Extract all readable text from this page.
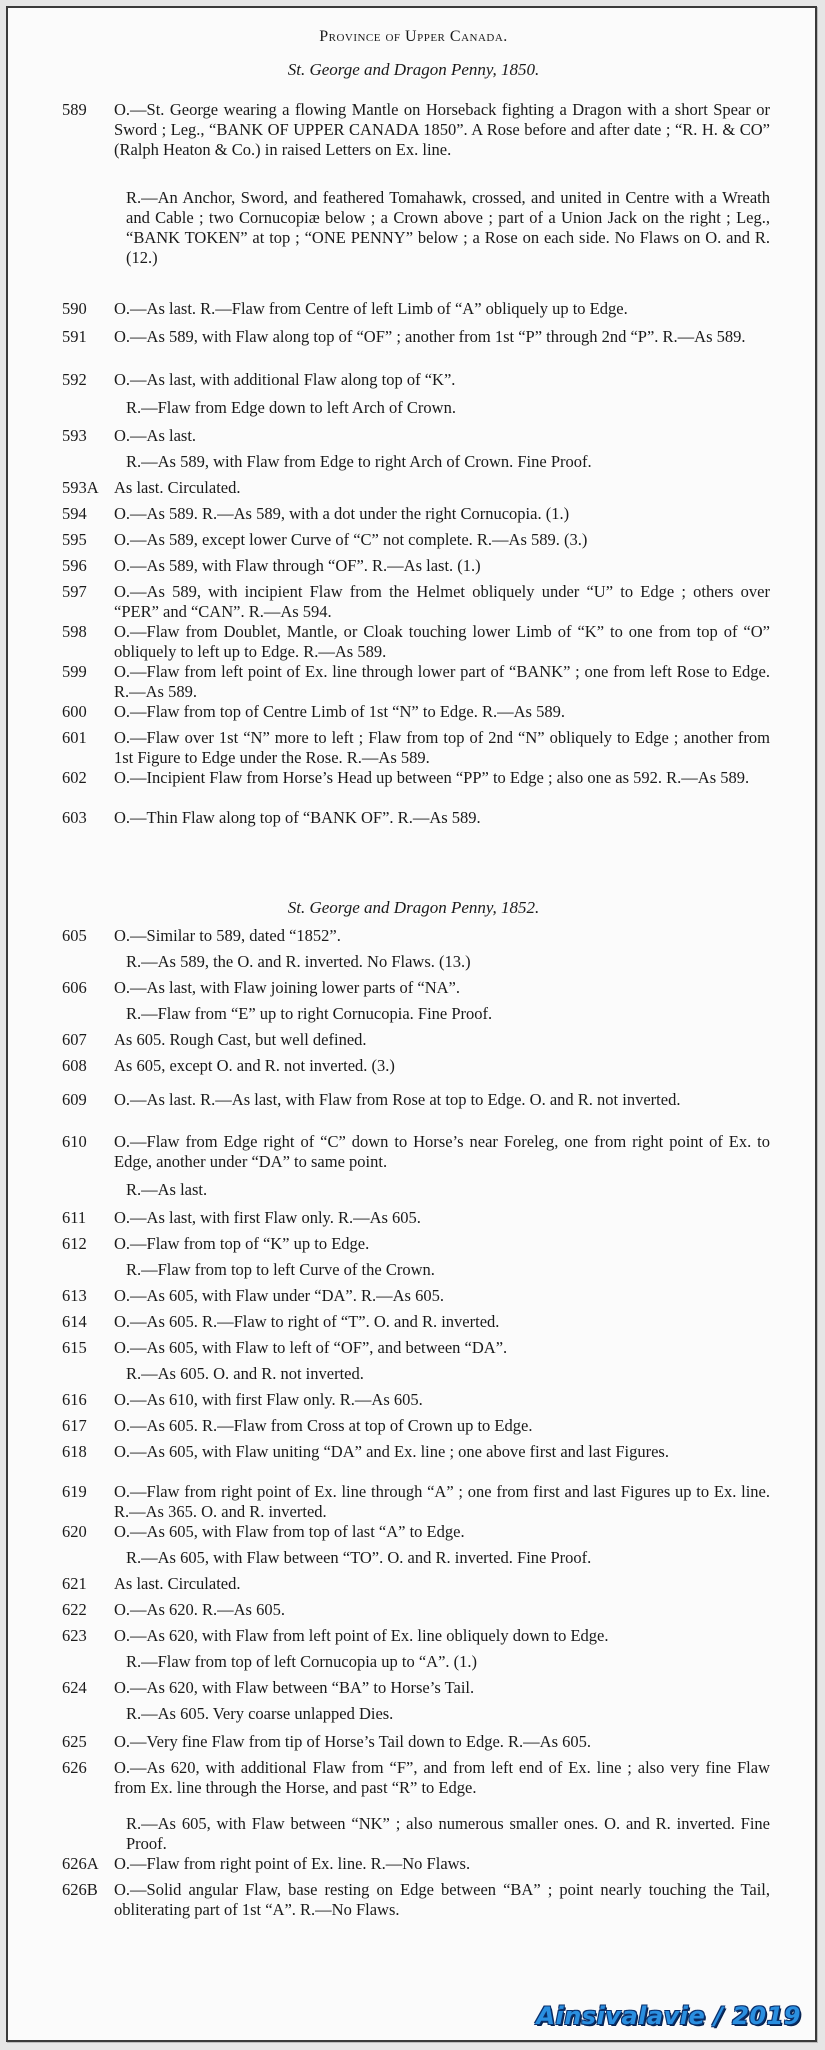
Province of Upper Canada.
St. George and Dragon Penny, 1850.
St. George and Dragon Penny, 1852.
589	O.—St. George wearing a flowing Mantle on Horseback fighting a Dragon with a short Spear or Sword ; Leg., “BANK OF UPPER CANADA 1850”. A Rose before and after date ; “R. H. & CO” (Ralph Heaton & Co.) in raised Letters on Ex. line.
R.—An Anchor, Sword, and feathered Tomahawk, crossed, and united in Centre with a Wreath and Cable ; two Cornucopiæ below ; a Crown above ; part of a Union Jack on the right ; Leg., “BANK TOKEN” at top ; “ONE PENNY” below ; a Rose on each side. No Flaws on O. and R. (12.)
590	O.—As last. R.—Flaw from Centre of left Limb of “A” obliquely up to Edge.
591	O.—As 589, with Flaw along top of “OF” ; another from 1st “P” through 2nd “P”. R.—As 589.
592	O.—As last, with additional Flaw along top of “K”.
R.—Flaw from Edge down to left Arch of Crown.
593	O.—As last.
R.—As 589, with Flaw from Edge to right Arch of Crown. Fine Proof.
593A As last. Circulated.
594	O.—As 589. R.—As 589, with a dot under the right Cornucopia. (1.)
595	O.—As 589, except lower Curve of “C” not complete. R.—As 589. (3.)
596	O.—As 589, with Flaw through “OF”. R.—As last. (1.)
597	O.—As 589, with incipient Flaw from the Helmet obliquely under “U” to Edge ; others over “PER” and “CAN”. R.—As 594.
598	O.—Flaw from Doublet, Mantle, or Cloak touching lower Limb of “K” to one from top of “O” obliquely to left up to Edge. R.—As 589.
599	O.—Flaw from left point of Ex. line through lower part of “BANK” ; one from left Rose to Edge. R.—As 589.
600	O.—Flaw from top of Centre Limb of 1st “N” to Edge. R.—As 589.
601	O.—Flaw over 1st “N” more to left ; Flaw from top of 2nd “N” obliquely to Edge ; another from 1st Figure to Edge under the Rose. R.—As 589.
602	O.—Incipient Flaw from Horse’s Head up between “PP” to Edge ; also one as 592. R.—As 589.
603	O.—Thin Flaw along top of “BANK OF”. R.—As 589.
605	O.—Similar to 589, dated “1852”.
R.—As 589, the O. and R. inverted. No Flaws. (13.)
606	O.—As last, with Flaw joining lower parts of “NA”.
R.—Flaw from “E” up to right Cornucopia. Fine Proof.
607	As 605. Rough Cast, but well defined.
608	As 605, except O. and R. not inverted. (3.)
609	O.—As last. R.—As last, with Flaw from Rose at top to Edge. O. and R. not inverted.
610	O.—Flaw from Edge right of “C” down to Horse’s near Foreleg, one from right point of Ex. to Edge, another under “DA” to same point.
R.—As last.
611	O.—As last, with first Flaw only. R.—As 605.
612	O.—Flaw from top of “K” up to Edge.
R.—Flaw from top to left Curve of the Crown.
613	O.—As 605, with Flaw under “DA”. R.—As 605.
614	O.—As 605. R.—Flaw to right of “T”. O. and R. inverted.
615	O.—As 605, with Flaw to left of “OF”, and between “DA”.
R.—As 605. O. and R. not inverted.
616	O.—As 610, with first Flaw only. R.—As 605.
617	O.—As 605. R.—Flaw from Cross at top of Crown up to Edge.
618	O.—As 605, with Flaw uniting “DA” and Ex. line ; one above first and last Figures.
619	O.—Flaw from right point of Ex. line through “A” ; one from first and last Figures up to Ex. line. R.—As 365. O. and R. inverted.
620	O.—As 605, with Flaw from top of last “A” to Edge.
R.—As 605, with Flaw between “TO”. O. and R. inverted. Fine Proof.
621	As last. Circulated.
622	O.—As 620. R.—As 605.
623	O.—As 620, with Flaw from left point of Ex. line obliquely down to Edge.
R.—Flaw from top of left Cornucopia up to “A”. (1.)
624	O.—As 620, with Flaw between “BA” to Horse’s Tail.
R.—As 605. Very coarse unlapped Dies.
625	O.—Very fine Flaw from tip of Horse’s Tail down to Edge. R.—As 605.
626	O.—As 620, with additional Flaw from “F”, and from left end of Ex. line ; also very fine Flaw from Ex. line through the Horse, and past “R” to Edge.
R.—As 605, with Flaw between “NK” ; also numerous smaller ones. O. and R. inverted. Fine Proof.
626A O.—Flaw from right point of Ex. line. R.—No Flaws.
626B O.—Solid angular Flaw, base resting on Edge between “BA” ; point nearly touching the Tail, obliterating part of 1st “A”. R.—No Flaws.
Ainsivalavie / 2019
